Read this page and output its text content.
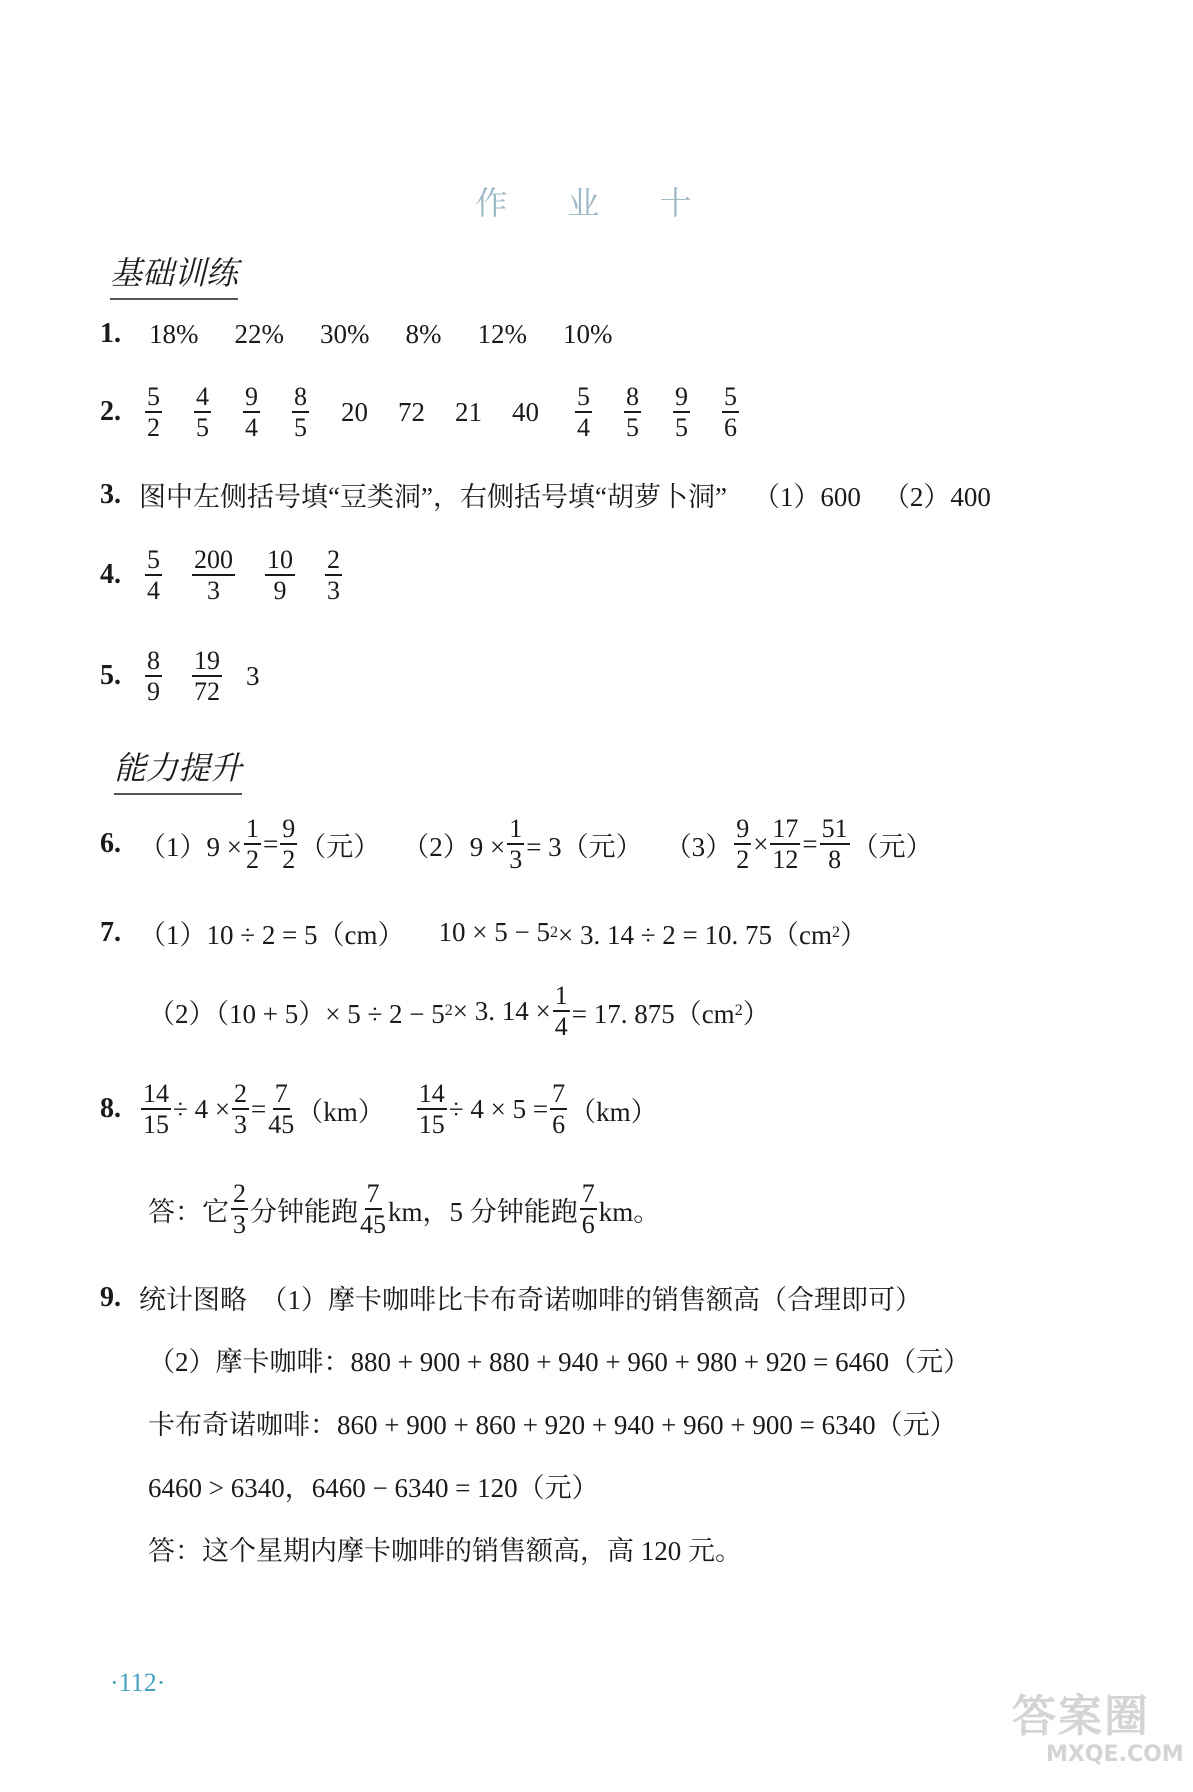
作 业 十
基础训练
1. 18% 22% 30% 8% 12% 10%
2. $\frac{5}{2} \frac{4}{5} \frac{9}{4} \frac{8}{5} 20$ 72 21 $40 \frac{5}{4} \frac{8}{5} \frac{9}{5} \frac{5}{6}$
3. 图中左侧括号填“豆类洞”，右侧括号填“胡萝卜洞” （1）600 （2）400
4. $\frac{5}{4} \frac{200}{3} \frac{10}{9} \frac{2}{3}$
5. $\frac{8}{9} \frac{19}{72} 3$
能力提升
6. $(1)9 \times \frac{1}{2} = \frac{9}{2}$ （元） $(2)9 \times \frac{1}{3} = 3$（元） $(3) \frac{9}{2} \times \frac{17}{12} = \frac{51}{8}$ （元）
7. （1）10 ÷ 2 = 5（cm） 10 × 5 − 5 2 × 3. 14 ÷ 2 = 10. 75（cm 2 ）
（2）（10 + 5）× 5 ÷ 2 − 5 2 × 3. $14 \times \frac{1}{4} = 17$. 875（cm 2 ）
8. $\frac{14}{15} \div 4 \times \frac{2}{3} = \frac{7}{45} (km) \frac{14}{15} \div 4 \times 5 = \frac{7}{6} (km)$
答：它 $\frac{2}{3}$ 分钟能跑 $\frac{7}{45}$ km，5 分钟能跑 $\frac{7}{6}$ km。
9. 统计图略　（1）摩卡咖啡比卡布奇诺咖啡的销售额高（合理即可）
（2）摩卡咖啡：880 + 900 + 880 + 940 + 960 + 980 + 920 = 6460（元）
卡布奇诺咖啡：860 + 900 + 860 + 920 + 940 + 960 + 900 = 6340（元）
6460 > 6340，6460 − 6340 = 120（元）
答：这个星期内摩卡咖啡的销售额高，高 120 元。
·112·
答案圈
MXQE.COM
